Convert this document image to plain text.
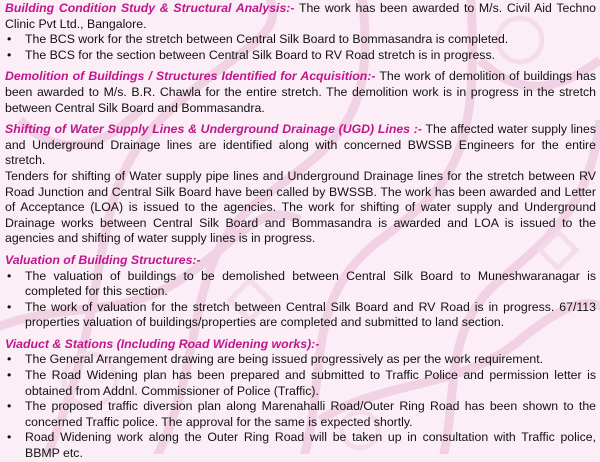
Building Condition Study & Structural Analysis:- The work has been awarded to M/s. Civil Aid Techno Clinic Pvt Ltd., Bangalore.

• The BCS work for the stretch between Central Silk Board to Bommasandra is completed.
• The BCS for the section between Central Silk Board to RV Road stretch is in progress.

Demolition of Buildings / Structures Identified for Acquisition:- The work of demolition of buildings has been awarded to M/s. B.R. Chawla for the entire stretch. The demolition work is in progress in the stretch between Central Silk Board and Bommasandra.

Shifting of Water Supply Lines & Underground Drainage (UGD) Lines :- The affected water supply lines and Underground Drainage lines are identified along with concerned BWSSB Engineers for the entire stretch.

Tenders for shifting of Water supply pipe lines and Underground Drainage lines for the stretch between RV Road Junction and Central Silk Board have been called by BWSSB. The work has been awarded and Letter of Acceptance (LOA) is issued to the agencies. The work for shifting of water supply and Underground Drainage works between Central Silk Board and Bommasandra is awarded and LOA is issued to the agencies and shifting of water supply lines is in progress.

Valuation of Building Structures:-

• The valuation of buildings to be demolished between Central Silk Board to Muneshwaranagar is completed for this section.
• The work of valuation for the stretch between Central Silk Board and RV Road is in progress. 67/113 properties valuation of buildings/properties are completed and submitted to land section.

Viaduct & Stations (Including Road Widening works):-

• The General Arrangement drawing are being issued progressively as per the work requirement.
• The Road Widening plan has been prepared and submitted to Traffic Police and permission letter is obtained from Addnl. Commissioner of Police (Traffic).
• The proposed traffic diversion plan along Marenahalli Road/Outer Ring Road has been shown to the concerned Traffic police. The approval for the same is expected shortly.
• Road Widening work along the Outer Ring Road will be taken up in consultation with Traffic police, BBMP etc.
